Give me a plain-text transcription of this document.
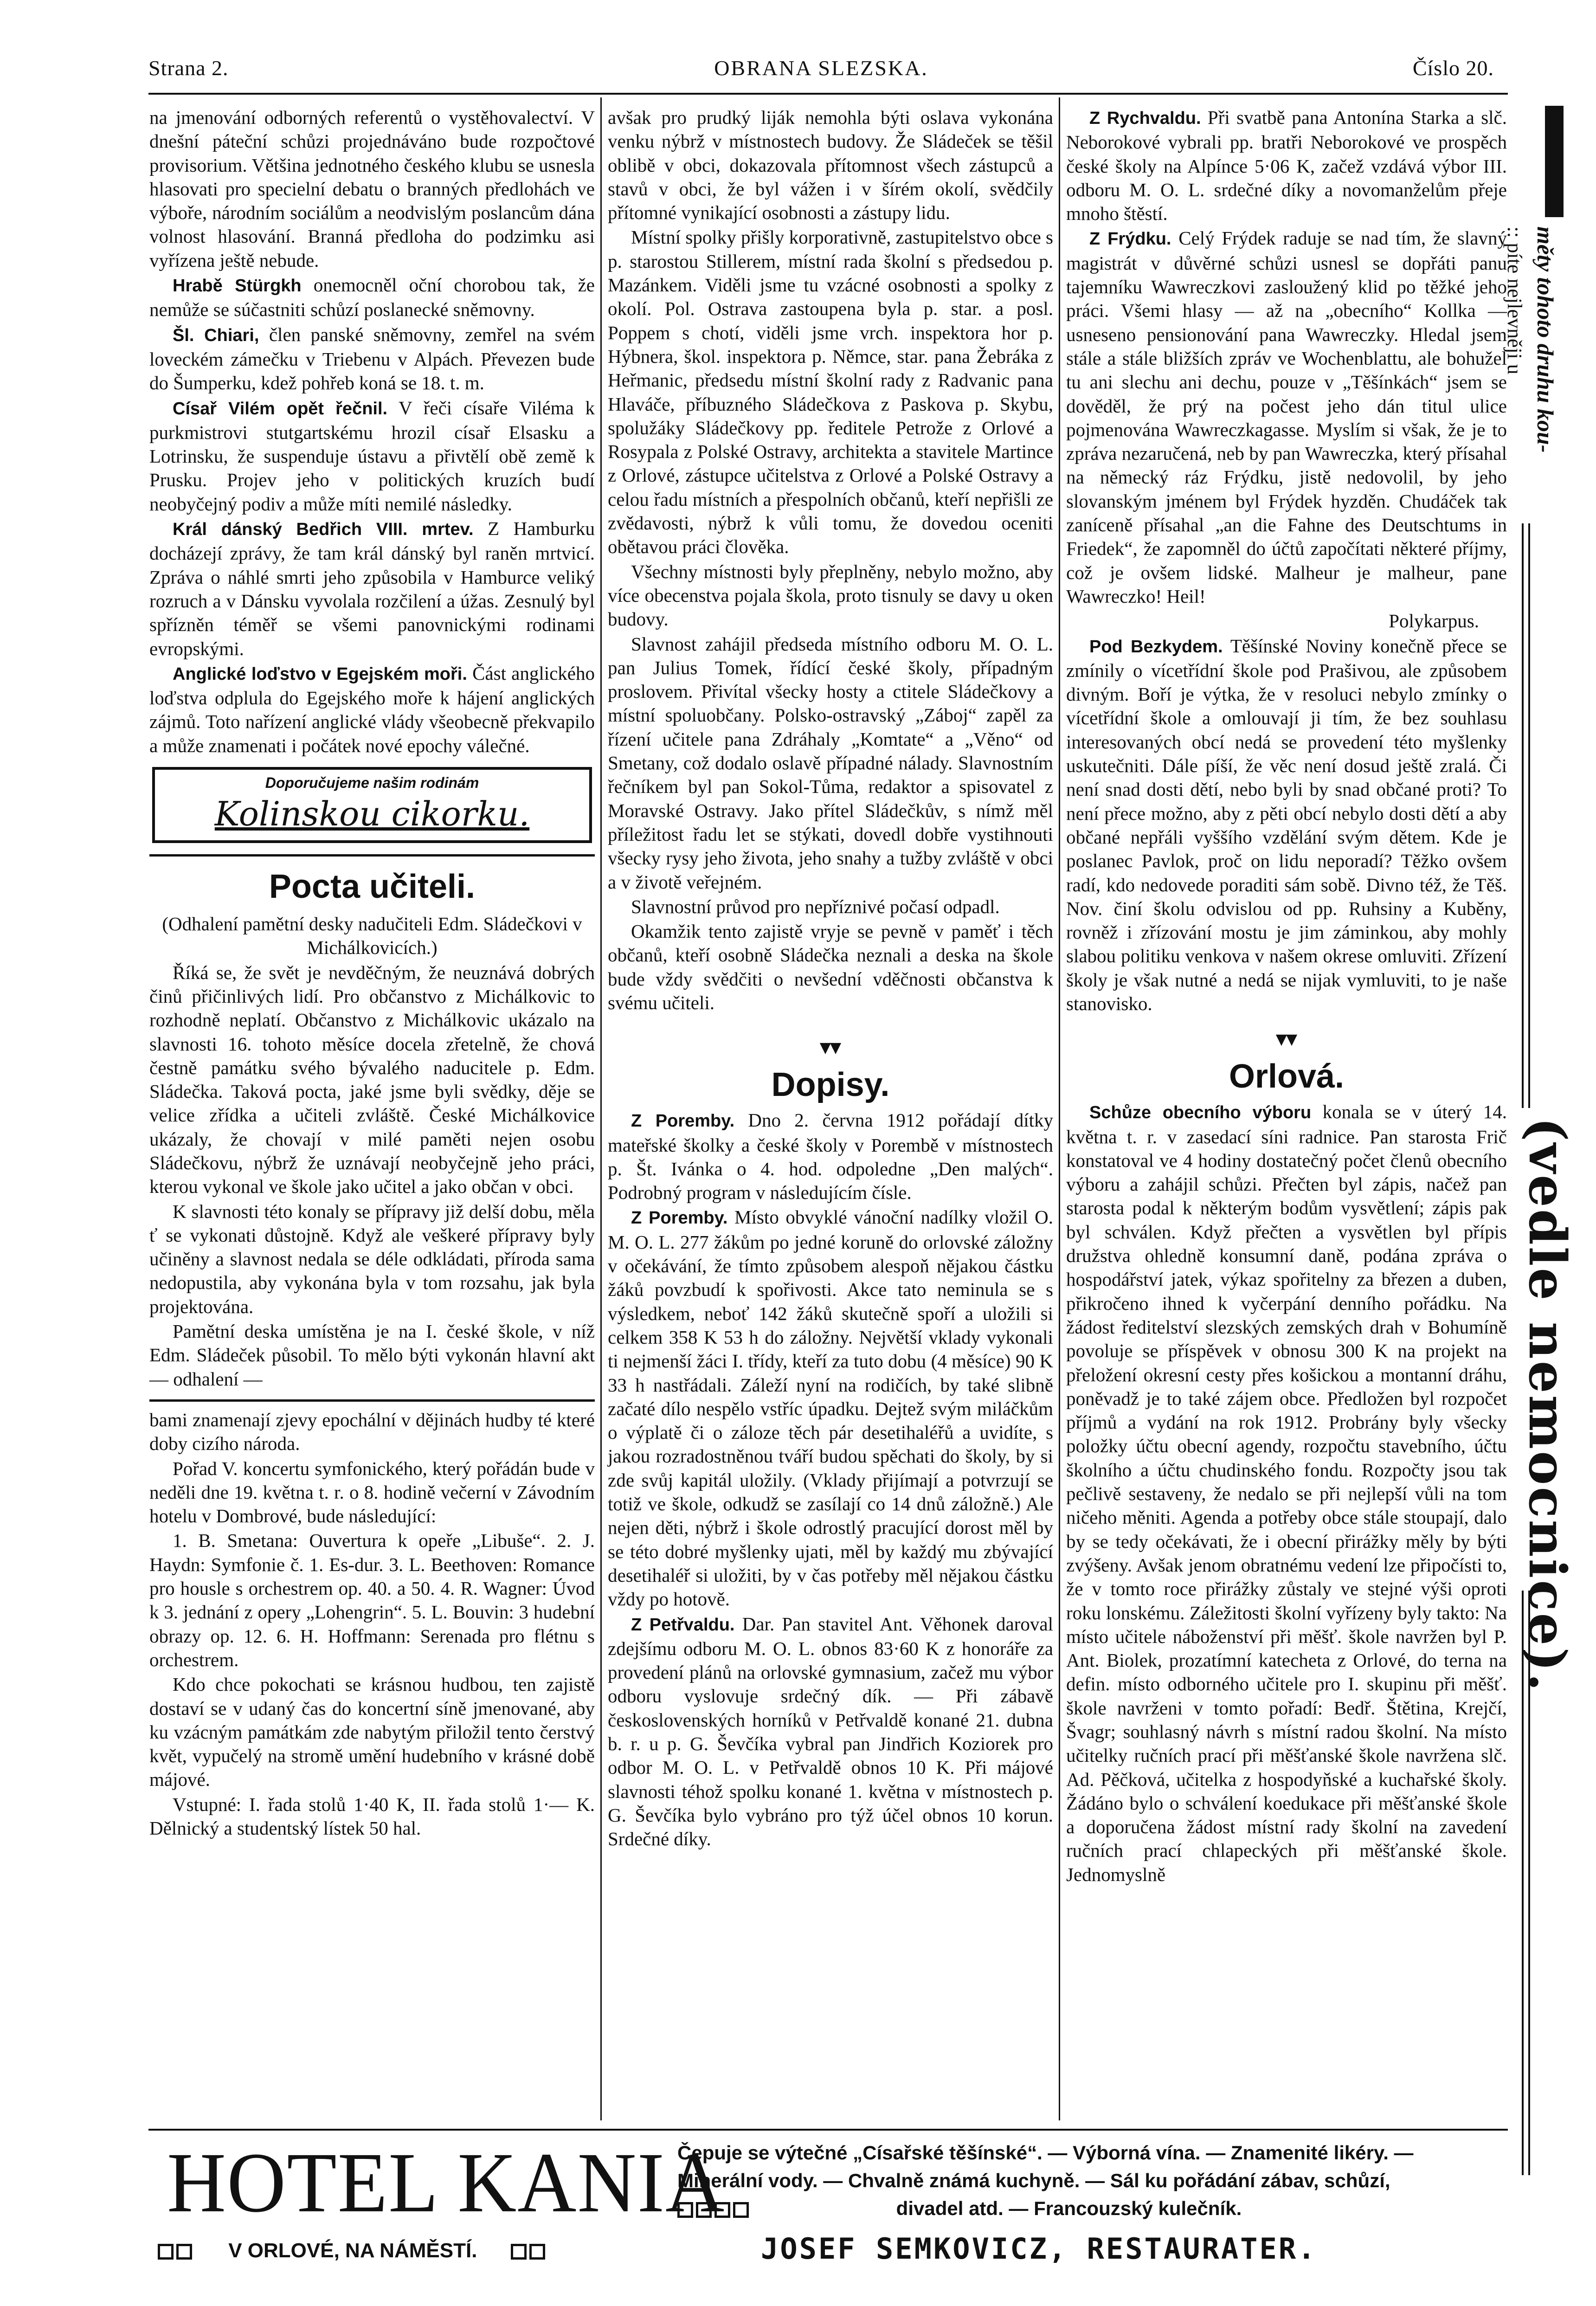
Strana 2.	OBRANA SLEZSKA.	Číslo 20.

na jmenování odborných referentů o vystěhovalectví. V dnešní páteční schůzi projednáváno bude rozpočtové provisorium. Většina jednotného českého klubu se usnesla hlasovati pro specielní debatu o branných předlohách ve výboře, národním sociálům a neodvislým poslancům dána volnost hlasování. Branná předloha do podzimku asi vyřízena ještě nebude.

Hrabě Stürgkh onemocněl oční chorobou tak, že nemůže se súčastniti schůzí poslanecké sněmovny.

Šl. Chiari, člen panské sněmovny, zemřel na svém loveckém zámečku v Triebenu v Alpách. Převezen bude do Šumperku, kdež pohřeb koná se 18. t. m.

Císař Vilém opět řečnil. V řeči císaře Viléma k purkmistrovi stutgartskému hrozil císař Elsasku a Lotrinsku, že suspenduje ústavu a přivtělí obě země k Prusku. Projev jeho v politických kruzích budí neobyčejný podiv a může míti nemilé následky.

Král dánský Bedřich VIII. mrtev. Z Hamburku docházejí zprávy, že tam král dánský byl raněn mrtvicí. Zpráva o náhlé smrti jeho způsobila v Hamburce veliký rozruch a v Dánsku vyvolala rozčilení a úžas. Zesnulý byl spřízněn téměř se všemi panovnickými rodinami evropskými.

Anglické loďstvo v Egejském moři. Část anglického loďstva odplula do Egejského moře k hájení anglických zájmů. Toto nařízení anglické vlády všeobecně překvapilo a může znamenati i počátek nové epochy válečné.

Doporučujeme našim rodinám
Kolinskou cikorku.
Pocta učiteli.

(Odhalení pamětní desky nadučiteli Edm. Sládečkovi v Michálkovicích.)

Říká se, že svět je nevděčným, že neuznává dobrých činů přičinlivých lidí. Pro občanstvo z Michálkovic to rozhodně neplatí. Občanstvo z Michálkovic ukázalo na slavnosti 16. tohoto měsíce docela zřetelně, že chová čestně památku svého bývalého naducitele p. Edm. Sládečka. Taková pocta, jaké jsme byli svědky, děje se velice zřídka a učiteli zvláště. České Michálkovice ukázaly, že chovají v milé paměti nejen osobu Sládečkovu, nýbrž že uznávají neobyčejně jeho práci, kterou vykonal ve škole jako učitel a jako občan v obci.

K slavnosti této konaly se přípravy již delší dobu, měla ť se vykonati důstojně. Když ale veškeré přípravy byly učiněny a slavnost nedala se déle odkládati, příroda sama nedopustila, aby vykonána byla v tom rozsahu, jak byla projektována.

Pamětní deska umístěna je na I. české škole, v níž Edm. Sládeček působil. To mělo býti vykonán hlavní akt — odhalení —

bami znamenají zjevy epochální v dějinách hudby té které doby cizího národa.

Pořad V. koncertu symfonického, který pořádán bude v neděli dne 19. května t. r. o 8. hodině večerní v Závodním hotelu v Dombrové, bude následující:

1. B. Smetana: Ouvertura k opeře „Libuše“. 2. J. Haydn: Symfonie č. 1. Es-dur. 3. L. Beethoven: Romance pro housle s orchestrem op. 40. a 50. 4. R. Wagner: Úvod k 3. jednání z opery „Lohengrin“. 5. L. Bouvin: 3 hudební obrazy op. 12. 6. H. Hoffmann: Serenada pro flétnu s orchestrem.

Kdo chce pokochati se krásnou hudbou, ten zajistě dostaví se v udaný čas do koncertní síně jmenované, aby ku vzácným památkám zde nabytým přiložil tento čerstvý květ, vypučelý na stromě umění hudebního v krásné době májové.

Vstupné: I. řada stolů 1·40 K, II. řada stolů 1·— K. Dělnický a studentský lístek 50 hal.

avšak pro prudký liják nemohla býti oslava vykonána venku nýbrž v místnostech budovy. Že Sládeček se těšil oblibě v obci, dokazovala přítomnost všech zástupců a stavů v obci, že byl vážen i v šírém okolí, svědčily přítomné vynikající osobnosti a zástupy lidu.

Místní spolky přišly korporativně, zastupitelstvo obce s p. starostou Stillerem, místní rada školní s předsedou p. Mazánkem. Viděli jsme tu vzácné osobnosti a spolky z okolí. Pol. Ostrava zastoupena byla p. star. a posl. Poppem s chotí, viděli jsme vrch. inspektora hor p. Hýbnera, škol. inspektora p. Němce, star. pana Žebráka z Heřmanic, předsedu místní školní rady z Radvanic pana Hlaváče, příbuzného Sládečkova z Paskova p. Skybu, spolužáky Sládečkovy pp. ředitele Petrože z Orlové a Rosypala z Polské Ostravy, architekta a stavitele Martince z Orlové, zástupce učitelstva z Orlové a Polské Ostravy a celou řadu místních a přespolních občanů, kteří nepřišli ze zvědavosti, nýbrž k vůli tomu, že dovedou oceniti obětavou práci člověka.

Všechny místnosti byly přeplněny, nebylo možno, aby více obecenstva pojala škola, proto tisnuly se davy u oken budovy.

Slavnost zahájil předseda místního odboru M. O. L. pan Julius Tomek, řídící české školy, případným proslovem. Přivítal všecky hosty a ctitele Sládečkovy a místní spoluobčany. Polsko-ostravský „Záboj“ zapěl za řízení učitele pana Zdráhaly „Komtate“ a „Věno“ od Smetany, což dodalo oslavě případné nálady. Slavnostním řečníkem byl pan Sokol-Tůma, redaktor a spisovatel z Moravské Ostravy. Jako přítel Sládečkův, s nímž měl příležitost řadu let se stýkati, dovedl dobře vystihnouti všecky rysy jeho života, jeho snahy a tužby zvláště v obci a v životě veřejném.

Slavnostní průvod pro nepříznivé počasí odpadl.

Okamžik tento zajistě vryje se pevně v paměť i těch občanů, kteří osobně Sládečka neznali a deska na škole bude vždy svědčiti o nevšední vděčnosti občanstva k svému učiteli.

▾▾
Dopisy.

Z Poremby. Dno 2. června 1912 pořádají dítky mateřské školky a české školy v Porembě v místnostech p. Št. Ivánka o 4. hod. odpoledne „Den malých“. Podrobný program v následujícím čísle.

Z Poremby. Místo obvyklé vánoční nadílky vložil O. M. O. L. 277 žákům po jedné koruně do orlovské záložny v očekávání, že tímto způsobem alespoň nějakou částku žáků povzbudí k spořivosti. Akce tato neminula se s výsledkem, neboť 142 žáků skutečně spoří a uložili si celkem 358 K 53 h do záložny. Největší vklady vykonali ti nejmenší žáci I. třídy, kteří za tuto dobu (4 měsíce) 90 K 33 h nastřádali. Záleží nyní na rodičích, by také slibně začaté dílo nespělo vstříc úpadku. Dejtež svým miláčkům o výplatě či o záloze těch pár desetihaléřů a uvidíte, s jakou rozradostněnou tváří budou spěchati do školy, by si zde svůj kapitál uložily. (Vklady přijímají a potvrzují se totiž ve škole, odkudž se zasílají co 14 dnů záložně.) Ale nejen děti, nýbrž i škole odrostlý pracující dorost měl by se této dobré myšlenky ujati, měl by každý mu zbývající desetihaléř si uložiti, by v čas potřeby měl nějakou částku vždy po hotově.

Z Petřvaldu. Dar. Pan stavitel Ant. Věhonek daroval zdejšímu odboru M. O. L. obnos 83·60 K z honoráře za provedení plánů na orlovské gymnasium, začež mu výbor odboru vyslovuje srdečný dík. — Při zábavě československých horníků v Petřvaldě konané 21. dubna b. r. u p. G. Ševčíka vybral pan Jindřich Koziorek pro odbor M. O. L. v Petřvaldě obnos 10 K. Při májové slavnosti téhož spolku konané 1. května v místnostech p. G. Ševčíka bylo vybráno pro týž účel obnos 10 korun. Srdečné díky.

Z Rychvaldu. Při svatbě pana Antonína Starka a slč. Neborokové vybrali pp. bratři Neborokové ve prospěch české školy na Alpínce 5·06 K, začež vzdává výbor III. odboru M. O. L. srdečné díky a novomanželům přeje mnoho štěstí.

Z Frýdku. Celý Frýdek raduje se nad tím, že slavný magistrát v důvěrné schůzi usnesl se dopřáti panu tajemníku Wawreczkovi zasloužený klid po těžké jeho práci. Všemi hlasy — až na „obecního“ Kollka — usneseno pensionování pana Wawreczky. Hledal jsem stále a stále bližších zpráv ve Wochenblattu, ale bohužel tu ani slechu ani dechu, pouze v „Těšínkách“ jsem se dověděl, že prý na počest jeho dán titul ulice pojmenována Wawreczkagasse. Myslím si však, že je to zpráva nezaručená, neb by pan Wawreczka, který přísahal na německý ráz Frýdku, jistě nedovolil, by jeho slovanským jménem byl Frýdek hyzděn. Chudáček tak zaníceně přísahal „an die Fahne des Deutschtums in Friedek“, že zapomněl do účtů započítati některé příjmy, což je ovšem lidské. Malheur je malheur, pane Wawreczko! Heil!

Polykarpus.

Pod Bezkydem. Těšínské Noviny konečně přece se zmínily o vícetřídní škole pod Prašivou, ale způsobem divným. Boří je výtka, že v resoluci nebylo zmínky o vícetřídní škole a omlouvají ji tím, že bez souhlasu interesovaných obcí nedá se provedení této myšlenky uskutečniti. Dále píší, že věc není dosud ještě zralá. Či není snad dosti dětí, nebo byli by snad občané proti? To není přece možno, aby z pěti obcí nebylo dosti dětí a aby občané nepřáli vyššího vzdělání svým dětem. Kde je poslanec Pavlok, proč on lidu neporadí? Těžko ovšem radí, kdo nedovede poraditi sám sobě. Divno též, že Těš. Nov. činí školu odvislou od pp. Ruhsiny a Kuběny, rovněž i zřízování mostu je jim záminkou, aby mohly slabou politiku venkova v našem okrese omluviti. Zřízení školy je však nutné a nedá se nijak vymluviti, to je naše stanovisko.

▾▾
Orlová.

Schůze obecního výboru konala se v úterý 14. května t. r. v zasedací síni radnice. Pan starosta Frič konstatoval ve 4 hodiny dostatečný počet členů obecního výboru a zahájil schůzi. Přečten byl zápis, načež pan starosta podal k některým bodům vysvětlení; zápis pak byl schválen. Když přečten a vysvětlen byl přípis družstva ohledně konsumní daně, podána zpráva o hospodářství jatek, výkaz spořitelny za březen a duben, přikročeno ihned k vyčerpání denního pořádku. Na žádost ředitelství slezských zemských drah v Bohumíně povoluje se příspěvek v obnosu 300 K na projekt na přeložení okresní cesty přes košickou a montanní dráhu, poněvadž je to také zájem obce. Předložen byl rozpočet příjmů a vydání na rok 1912. Probrány byly všecky položky účtu obecní agendy, rozpočtu stavebního, účtu školního a účtu chudinského fondu. Rozpočty jsou tak pečlivě sestaveny, že nedalo se při nejlepší vůli na tom ničeho měniti. Agenda a potřeby obce stále stoupají, dalo by se tedy očekávati, že i obecní přirážky měly by býti zvýšeny. Avšak jenom obratnému vedení lze připočísti to, že v tomto roce přirážky zůstaly ve stejné výši oproti roku lonskému. Záležitosti školní vyřízeny byly takto: Na místo učitele náboženství při měšť. škole navržen byl P. Ant. Biolek, prozatímní katecheta z Orlové, do terna na defin. místo odborného učitele pro I. skupinu při měšť. škole navrženi v tomto pořadí: Bedř. Štětina, Krejčí, Švagr; souhlasný návrh s místní radou školní. Na místo učitelky ručních prací při měšťanské škole navržena slč. Ad. Pěčková, učitelka z hospodyňské a kuchařské školy. Žádáno bylo o schválení koedukace při měšťanské škole a doporučena žádost místní rady školní na zavedení ručních prací chlapeckých při měšťanské škole. Jednomyslně

měty tohoto druhu kou-
:: píte nejlevněji u
(vedle nemocnice).
HOTEL KANIA
V ORLOVÉ, NA NÁMĚSTÍ.
Čepuje se výtečné „Císařské těšínské“. — Výborná vína. — Znamenité likéry. —
Minerální vody. — Chvalně známá kuchyně. — Sál ku pořádání zábav, schůzí,
divadel atd. — Francouzský kulečník.
JOSEF SEMKOVICZ, RESTAURATER.
